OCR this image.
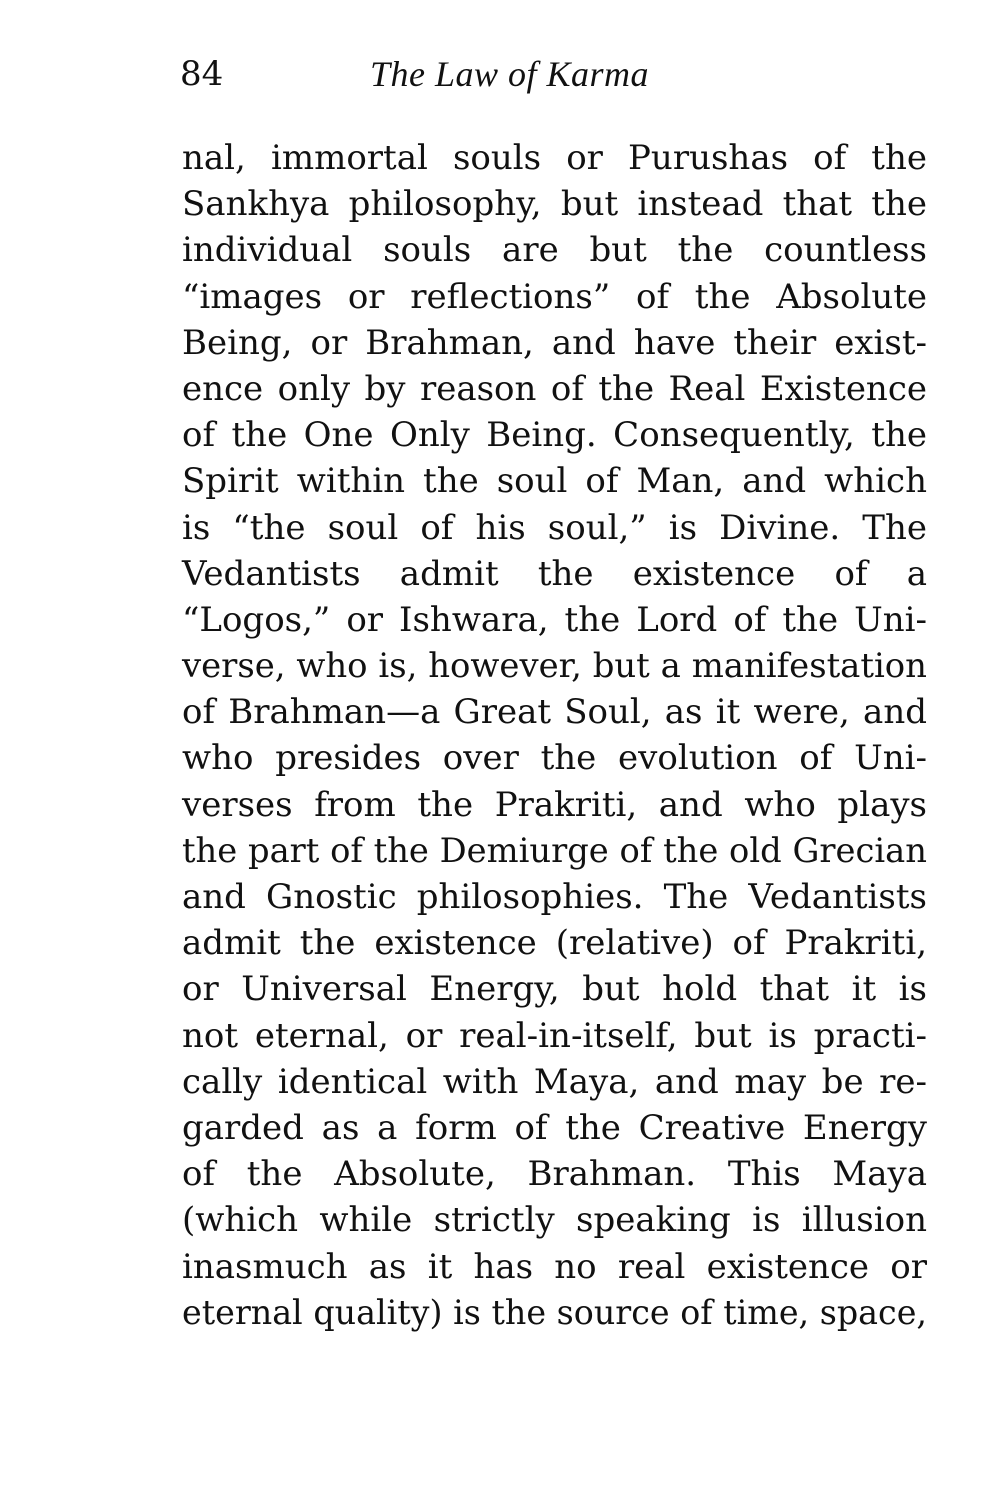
84	The Law of Karma
nal, immortal souls or Purushas of the
Sankhya philosophy, but instead that the
individual souls are but the countless
“images or reflections” of the Absolute
Being, or Brahman, and have their exist-
ence only by reason of the Real Existence
of the One Only Being. Consequently, the
Spirit within the soul of Man, and which
is “the soul of his soul,” is Divine. The
Vedantists admit the existence of a
“Logos,” or Ishwara, the Lord of the Uni-
verse, who is, however, but a manifestation
of Brahman—a Great Soul, as it were, and
who presides over the evolution of Uni-
verses from the Prakriti, and who plays
the part of the Demiurge of the old Grecian
and Gnostic philosophies. The Vedantists
admit the existence (relative) of Prakriti,
or Universal Energy, but hold that it is
not eternal, or real-in-itself, but is practi-
cally identical with Maya, and may be re-
garded as a form of the Creative Energy
of the Absolute, Brahman. This Maya
(which while strictly speaking is illusion
inasmuch as it has no real existence or
eternal quality) is the source of time, space,
